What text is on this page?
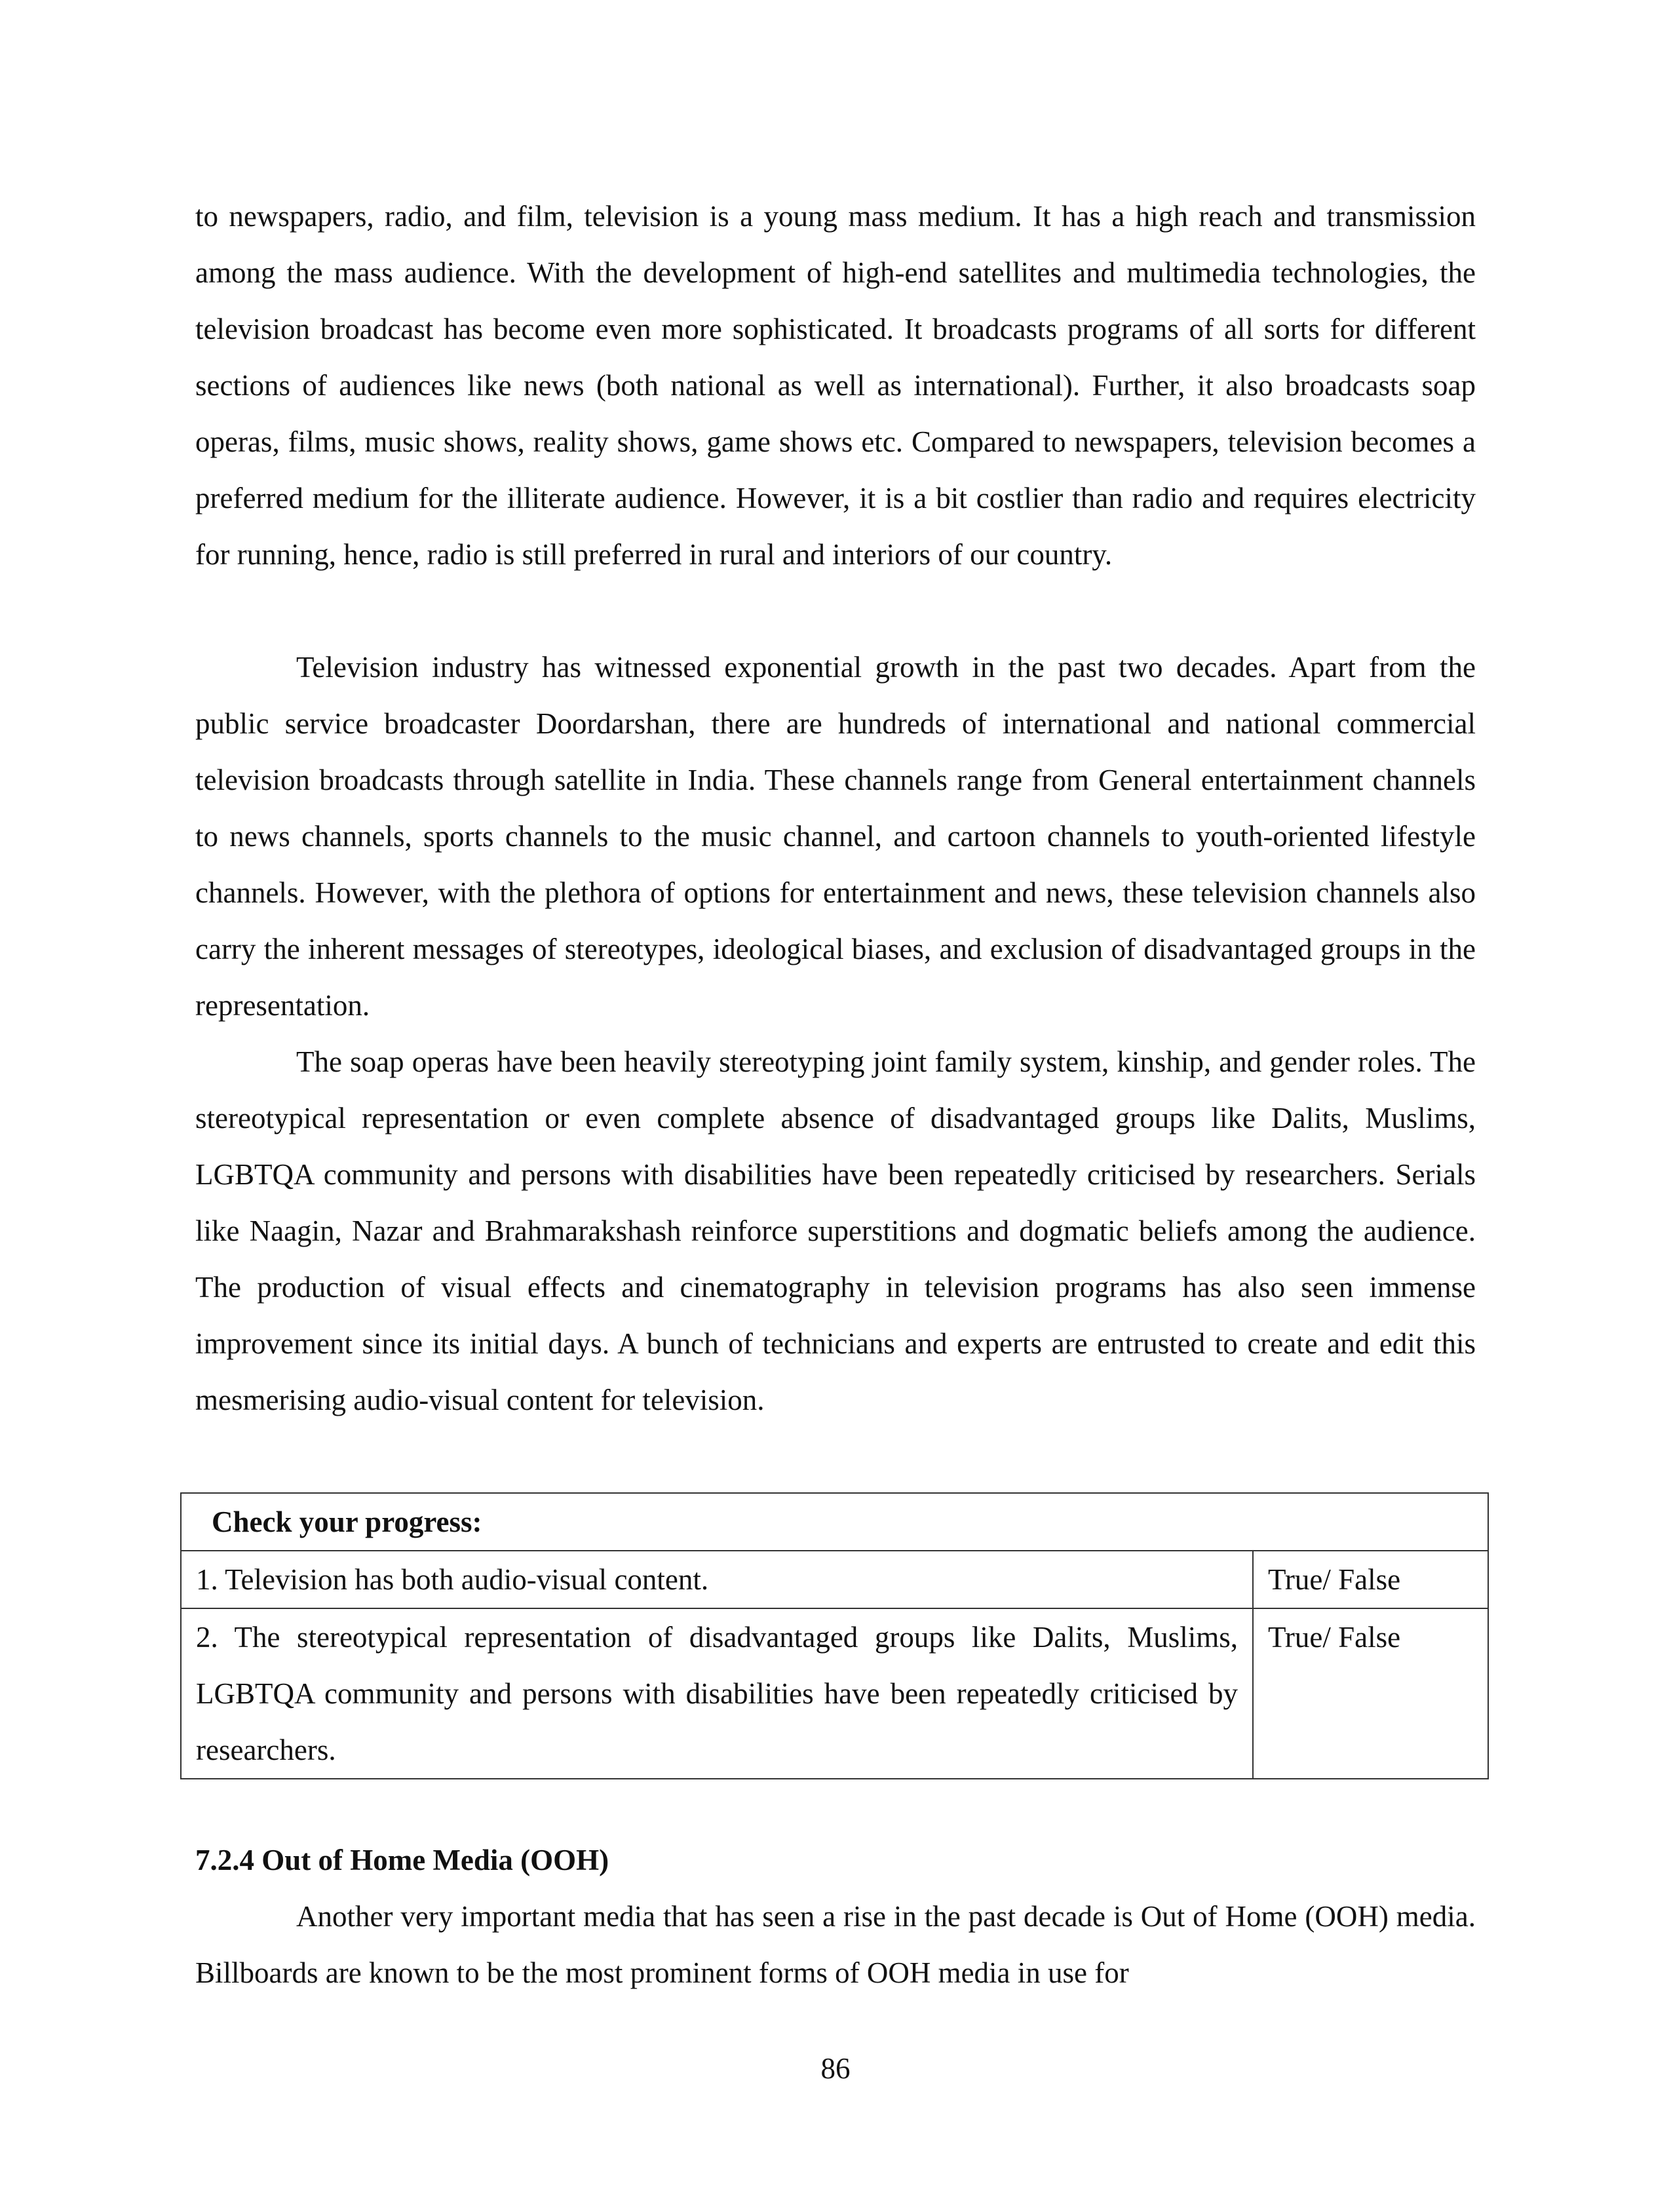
to newspapers, radio, and film, television is a young mass medium. It has a high reach and transmission among the mass audience. With the development of high-end satellites and multimedia technologies, the television broadcast has become even more sophisticated. It broadcasts programs of all sorts for different sections of audiences like news (both national as well as international). Further, it also broadcasts soap operas, films, music shows, reality shows, game shows etc. Compared to newspapers, television becomes a preferred medium for the illiterate audience. However, it is a bit costlier than radio and requires electricity for running, hence, radio is still preferred in rural and interiors of our country.

Television industry has witnessed exponential growth in the past two decades. Apart from the public service broadcaster Doordarshan, there are hundreds of international and national commercial television broadcasts through satellite in India. These channels range from General entertainment channels to news channels, sports channels to the music channel, and cartoon channels to youth-oriented lifestyle channels. However, with the plethora of options for entertainment and news, these television channels also carry the inherent messages of stereotypes, ideological biases, and exclusion of disadvantaged groups in the representation.

The soap operas have been heavily stereotyping joint family system, kinship, and gender roles. The stereotypical representation or even complete absence of disadvantaged groups like Dalits, Muslims, LGBTQA community and persons with disabilities have been repeatedly criticised by researchers. Serials like Naagin, Nazar and Brahmarakshash reinforce superstitions and dogmatic beliefs among the audience. The production of visual effects and cinematography in television programs has also seen immense improvement since its initial days. A bunch of technicians and experts are entrusted to create and edit this mesmerising audio-visual content for television.

Check your progress:	
1. Television has both audio-visual content.	True/ False
2. The stereotypical representation of disadvantaged groups like Dalits, Muslims, LGBTQA community and persons with disabilities have been repeatedly criticised by researchers.	True/ False
7.2.4 Out of Home Media (OOH)

Another very important media that has seen a rise in the past decade is Out of Home (OOH) media. Billboards are known to be the most prominent forms of OOH media in use for

86
